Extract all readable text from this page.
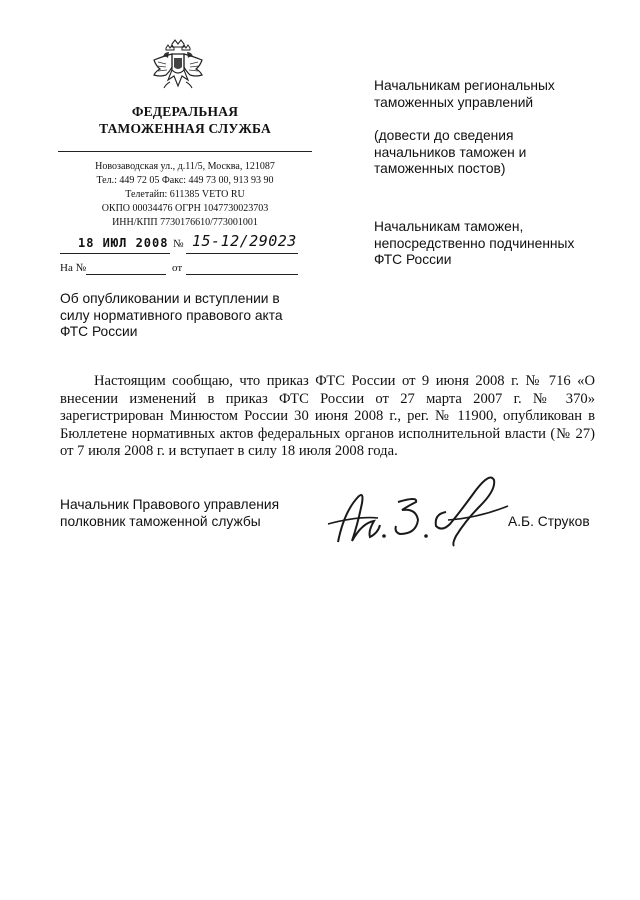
ФЕДЕРАЛЬНАЯ
ТАМОЖЕННАЯ СЛУЖБА
Новозаводская ул., д.11/5, Москва, 121087
Тел.: 449 72 05 Факс: 449 73 00, 913 93 90
Телетайп: 611385 VETO RU
ОКПО 00034476 ОГРН 1047730023703
ИНН/КПП 7730176610/773001001
18 ИЮЛ 2008 № 15-12/29023
На №	от
Начальникам региональных
таможенных управлений
(довести до сведения
начальников таможен и
таможенных постов)
Начальникам таможен,
непосредственно подчиненных
ФТС России
Об опубликовании и вступлении в
силу нормативного правового акта
ФТС России

Настоящим сообщаю, что приказ ФТС России от 9 июня 2008 г. № 716 «О внесении изменений в приказ ФТС России от 27 марта 2007 г. № 370» зарегистрирован Минюстом России 30 июня 2008 г., рег. № 11900, опубликован в Бюллетене нормативных актов федеральных органов исполнительной власти (№ 27) от 7 июля 2008 г. и вступает в силу 18 июля 2008 года.

Начальник Правового управления
полковник таможенной службы	А.Б. Струков
